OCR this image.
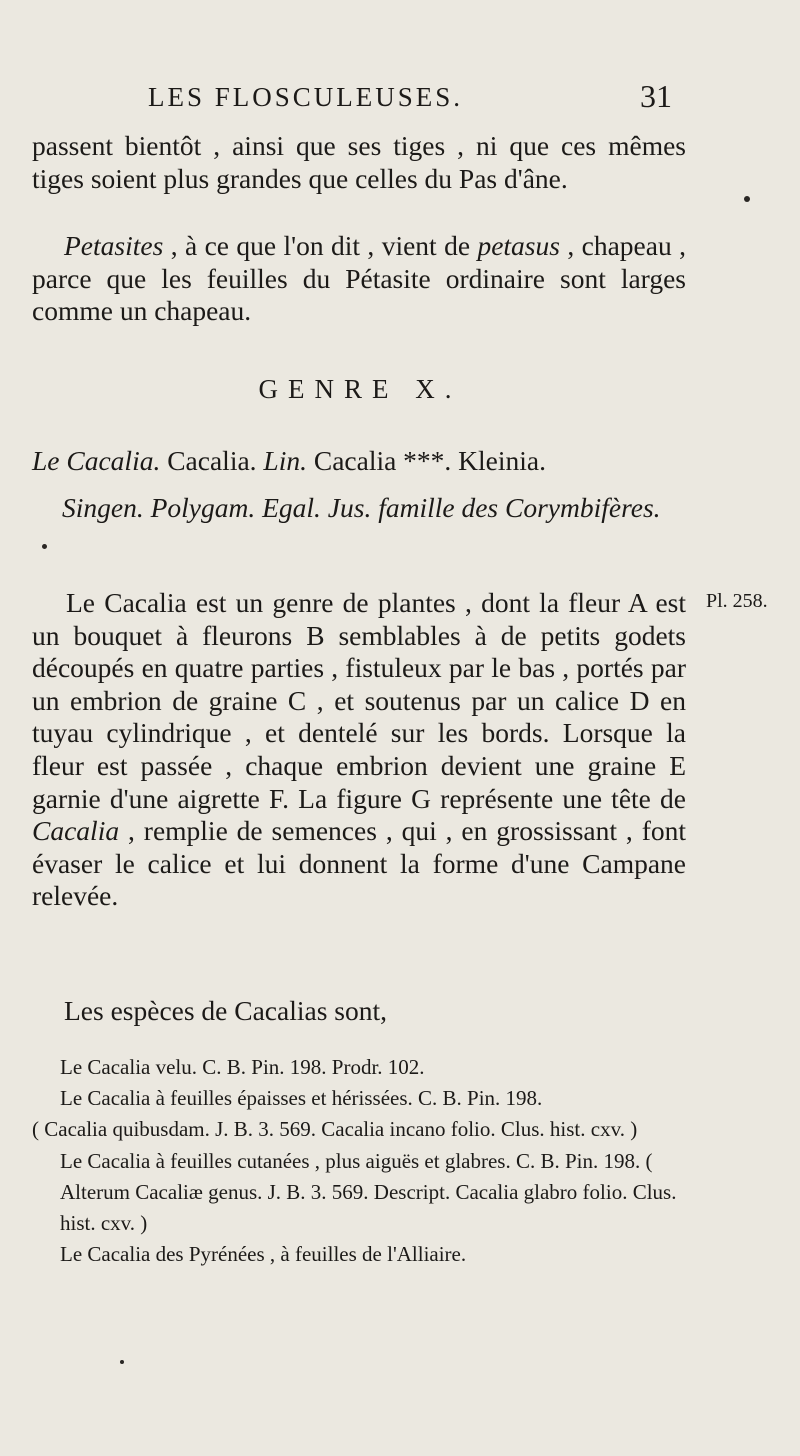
LES FLOSCULEUSES.	31
passent bientôt , ainsi que ses tiges , ni que ces mêmes tiges soient plus grandes que celles du Pas d'âne.
Petasites , à ce que l'on dit , vient de petasus , chapeau , parce que les feuilles du Pétasite ordinaire sont larges comme un chapeau.
GENRE X.
Le Cacalia. Cacalia. Lin. Cacalia ***. Kleinia.
Singen. Polygam. Egal. Jus. famille des Corymbifères.
Le Cacalia est un genre de plantes , dont la fleur A est un bouquet à fleurons B semblables à de petits godets découpés en quatre parties , fistuleux par le bas , portés par un embrion de graine C , et soutenus par un calice D en tuyau cylindrique , et dentelé sur les bords. Lorsque la fleur est passée , chaque embrion devient une graine E garnie d'une aigrette F. La figure G représente une tête de Cacalia , remplie de semences , qui , en grossissant , font évaser le calice et lui donnent la forme d'une Campane relevée.
Pl. 258.
Les espèces de Cacalias sont,
Le Cacalia velu. C. B. Pin. 198. Prodr. 102.
Le Cacalia à feuilles épaisses et hérissées. C. B. Pin. 198.
( Cacalia quibusdam. J. B. 3. 569. Cacalia incano folio. Clus. hist. cxv. )
Le Cacalia à feuilles cutanées , plus aiguës et glabres. C. B. Pin. 198. ( Alterum Cacaliæ genus. J. B. 3. 569. Descript. Cacalia glabro folio. Clus. hist. cxv. )
Le Cacalia des Pyrénées , à feuilles de l'Alliaire.
